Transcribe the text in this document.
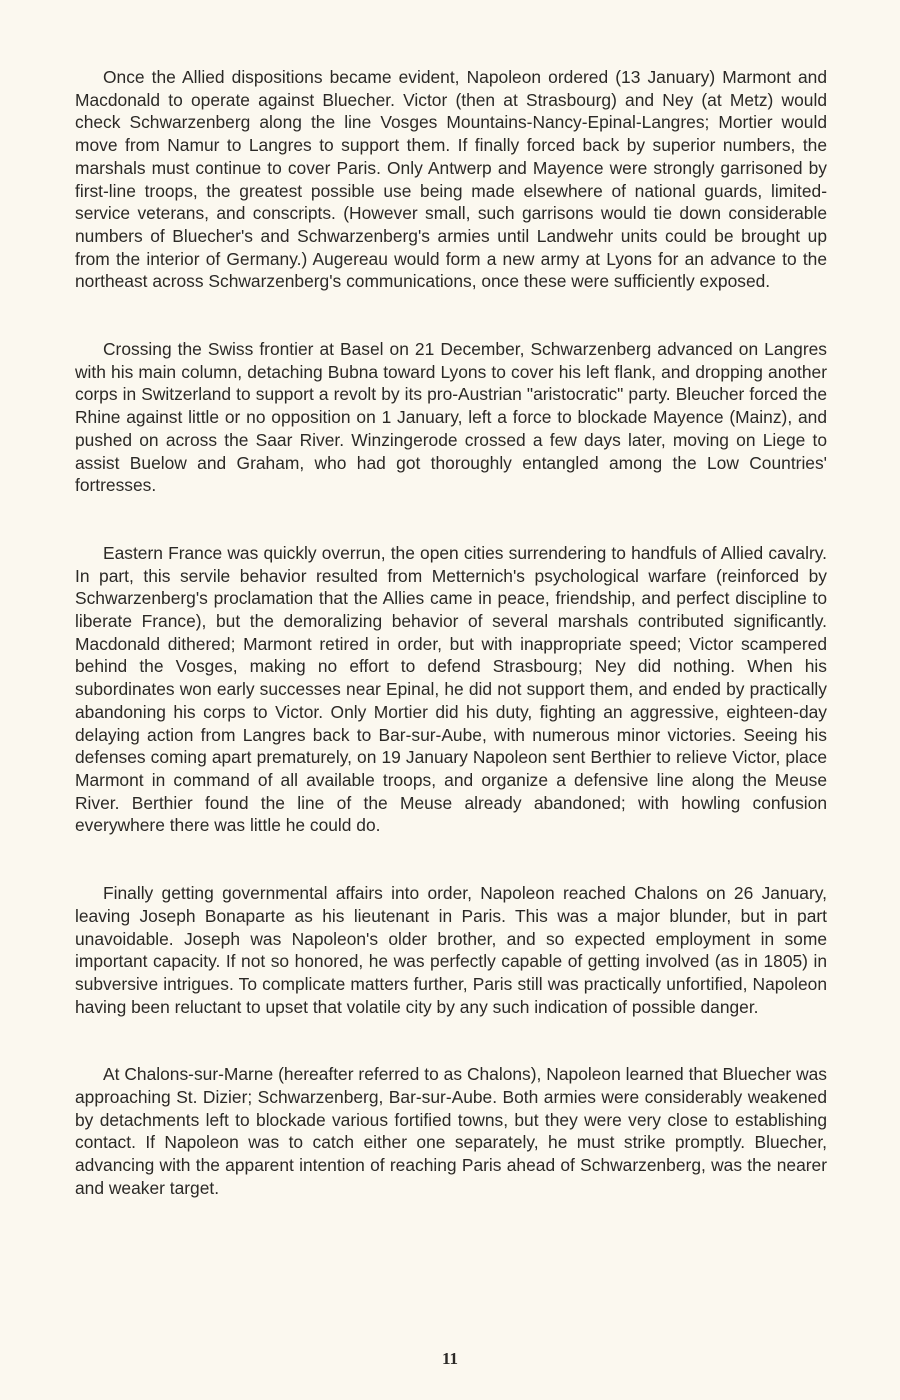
Once the Allied dispositions became evident, Napoleon ordered (13 January) Marmont and Macdonald to operate against Bluecher. Victor (then at Strasbourg) and Ney (at Metz) would check Schwarzenberg along the line Vosges Mountains-Nancy-Epinal-Langres; Mortier would move from Namur to Langres to support them. If finally forced back by superior numbers, the marshals must continue to cover Paris. Only Antwerp and Mayence were strongly garrisoned by first-line troops, the greatest possible use being made elsewhere of national guards, limited-service veterans, and conscripts. (However small, such garrisons would tie down considerable numbers of Bluecher's and Schwarzenberg's armies until Landwehr units could be brought up from the interior of Germany.) Augereau would form a new army at Lyons for an advance to the northeast across Schwarzenberg's communications, once these were sufficiently exposed.

Crossing the Swiss frontier at Basel on 21 December, Schwarzenberg advanced on Langres with his main column, detaching Bubna toward Lyons to cover his left flank, and dropping another corps in Switzerland to support a revolt by its pro-Austrian "aristocratic" party. Bleucher forced the Rhine against little or no opposition on 1 January, left a force to blockade Mayence (Mainz), and pushed on across the Saar River. Winzingerode crossed a few days later, moving on Liege to assist Buelow and Graham, who had got thoroughly entangled among the Low Countries' fortresses.

Eastern France was quickly overrun, the open cities surrendering to handfuls of Allied cavalry. In part, this servile behavior resulted from Metternich's psychological warfare (reinforced by Schwarzenberg's proclamation that the Allies came in peace, friendship, and perfect discipline to liberate France), but the demoralizing behavior of several marshals contributed significantly. Macdonald dithered; Marmont retired in order, but with inappropriate speed; Victor scampered behind the Vosges, making no effort to defend Strasbourg; Ney did nothing. When his subordinates won early successes near Epinal, he did not support them, and ended by practically abandoning his corps to Victor. Only Mortier did his duty, fighting an aggressive, eighteen-day delaying action from Langres back to Bar-sur-Aube, with numerous minor victories. Seeing his defenses coming apart prematurely, on 19 January Napoleon sent Berthier to relieve Victor, place Marmont in command of all available troops, and organize a defensive line along the Meuse River. Berthier found the line of the Meuse already abandoned; with howling confusion everywhere there was little he could do.

Finally getting governmental affairs into order, Napoleon reached Chalons on 26 January, leaving Joseph Bonaparte as his lieutenant in Paris. This was a major blunder, but in part unavoidable. Joseph was Napoleon's older brother, and so expected employment in some important capacity. If not so honored, he was perfectly capable of getting involved (as in 1805) in subversive intrigues. To complicate matters further, Paris still was practically unfortified, Napoleon having been reluctant to upset that volatile city by any such indication of possible danger.

At Chalons-sur-Marne (hereafter referred to as Chalons), Napoleon learned that Bluecher was approaching St. Dizier; Schwarzenberg, Bar-sur-Aube. Both armies were considerably weakened by detachments left to blockade various fortified towns, but they were very close to establishing contact. If Napoleon was to catch either one separately, he must strike promptly. Bluecher, advancing with the apparent intention of reaching Paris ahead of Schwarzenberg, was the nearer and weaker target.

11
